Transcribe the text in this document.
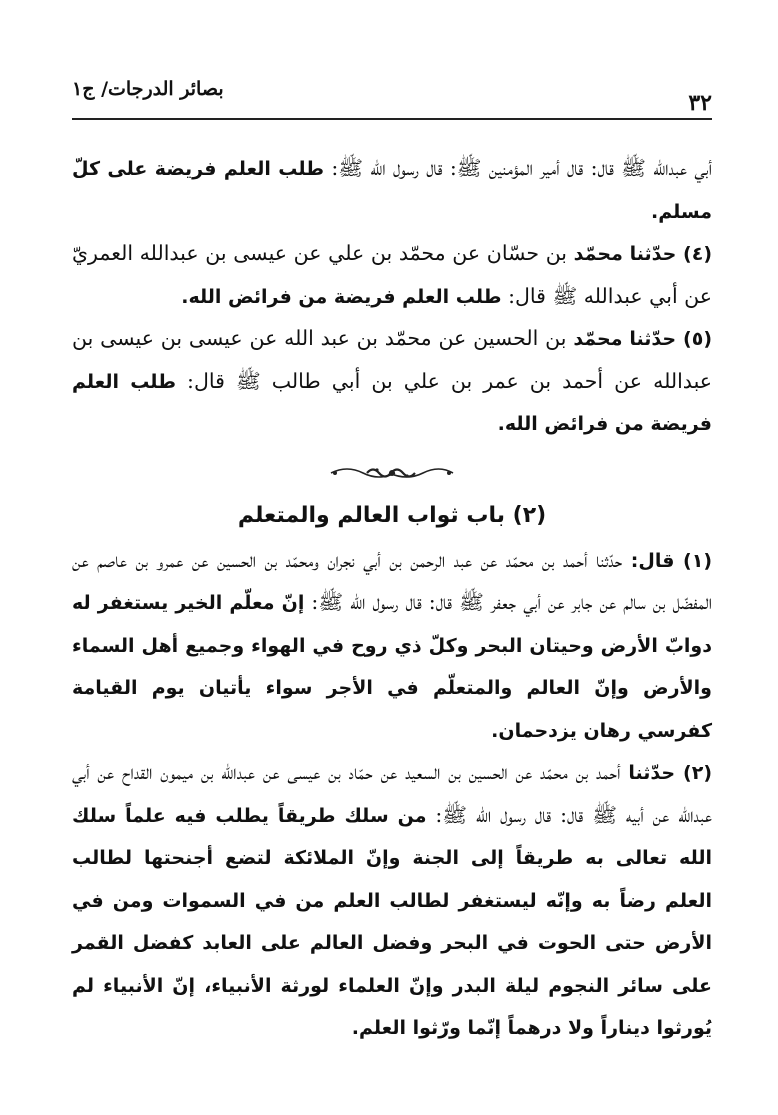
٣٢
بصائر الدرجات/ ج١

أبي عبدالله ﷺ قال: قال أمير المؤمنين ﷺ: قال رسول الله ﷺ: طلب العلم فريضة على كلّ مسلم.

(٤) حدّثنا محمّد بن حسّان عن محمّد بن علي عن عيسى بن عبدالله العمريّ عن أبي عبدالله ﷺ قال: طلب العلم فريضة من فرائض الله.

(٥) حدّثنا محمّد بن الحسين عن محمّد بن عبد الله عن عيسى بن عيسى بن عبدالله عن أحمد بن عمر بن علي بن أبي طالب ﷺ قال: طلب العلم فريضة من فرائض الله.

(٢) باب ثواب العالم والمتعلم

(١) قال: حدّثنا أحمد بن محمّد عن عبد الرحمن بن أبي نجران ومحمّد بن الحسين عن عمرو بن عاصم عن المفضّل بن سالم عن جابر عن أبي جعفر ﷺ قال: قال رسول الله ﷺ: إنّ معلّم الخير يستغفر له دوابّ الأرض وحيتان البحر وكلّ ذي روح في الهواء وجميع أهل السماء والأرض وإنّ العالم والمتعلّم في الأجر سواء يأتيان يوم القيامة كفرسي رهان يزدحمان.

(٢) حدّثنا أحمد بن محمّد عن الحسين بن السعيد عن حمّاد بن عيسى عن عبدالله بن ميمون القداح عن أبي عبدالله عن أبيه ﷺ قال: قال رسول الله ﷺ: من سلك طريقاً يطلب فيه علماً سلك الله تعالى به طريقاً إلى الجنة وإنّ الملائكة لتضع أجنحتها لطالب العلم رضاً به وإنّه ليستغفر لطالب العلم من في السموات ومن في الأرض حتى الحوت في البحر وفضل العالم على العابد كفضل القمر على سائر النجوم ليلة البدر وإنّ العلماء لورثة الأنبياء، إنّ الأنبياء لم يُورثوا ديناراً ولا درهماً إنّما ورّثوا العلم.
